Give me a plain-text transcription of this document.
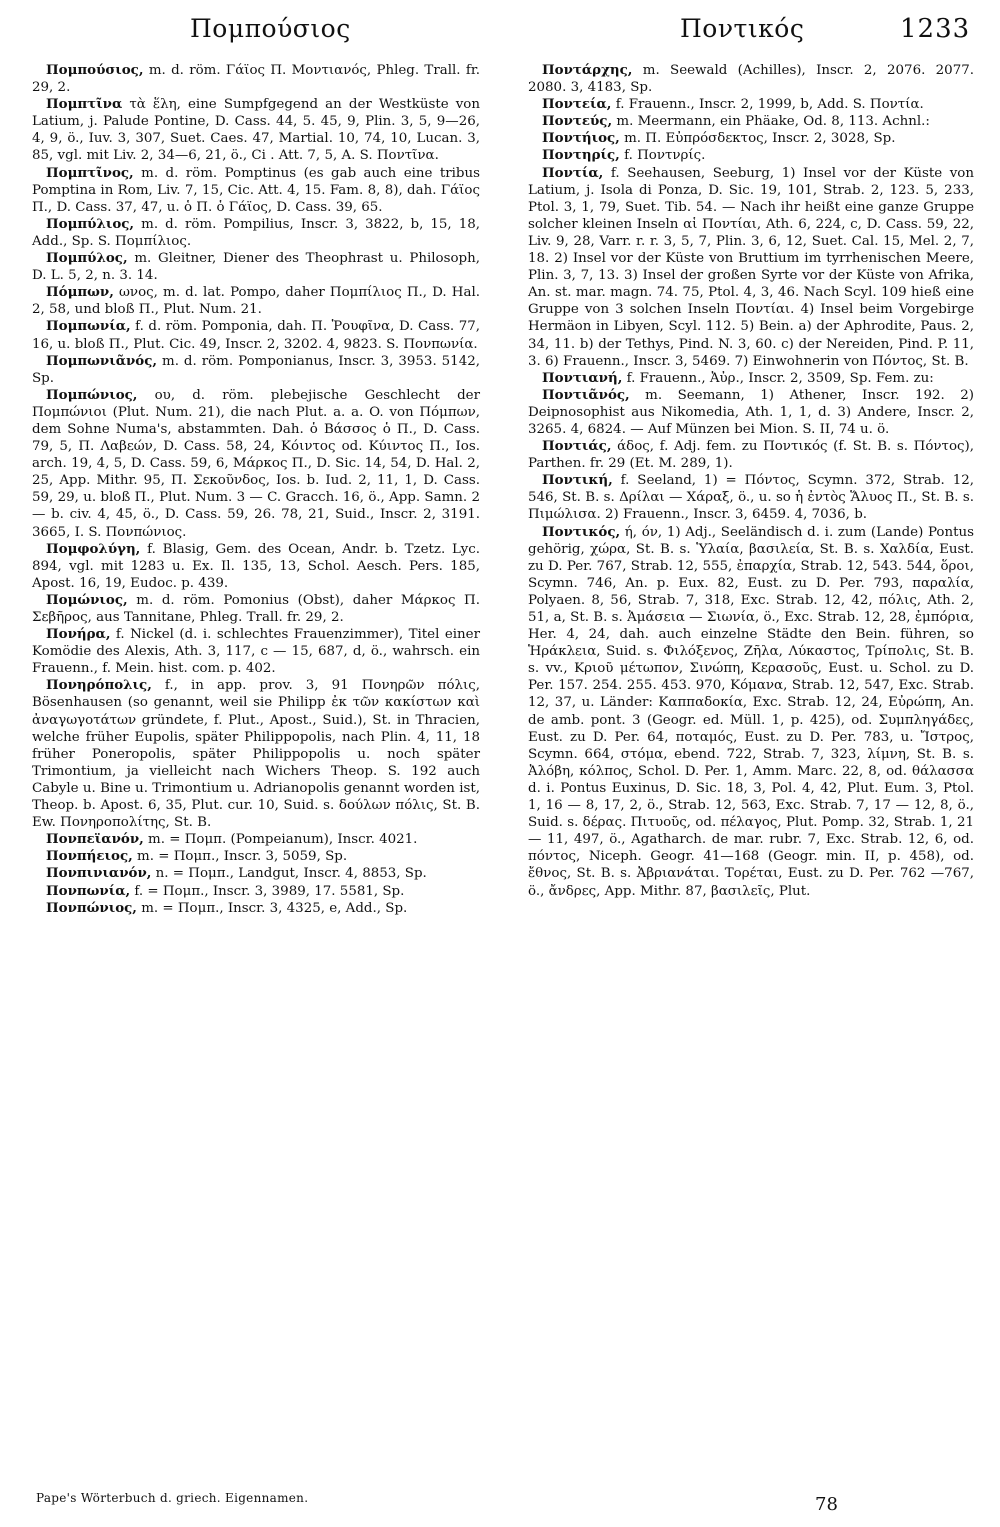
Πομπούσιος	Ποντικός	1233

Πομπούσιος, m. d. röm. Γάϊος Π. Μοντιανός, Phleg. Trall. fr. 29, 2.

Πομπτῖνα τὰ ἕλη, eine Sumpfgegend an der Westküste von Latium, j. Palude Pontine, D. Cass. 44, 5. 45, 9, Plin. 3, 5, 9—26, 4, 9, ö., Iuv. 3, 307, Suet. Caes. 47, Martial. 10, 74, 10, Lucan. 3, 85, vgl. mit Liv. 2, 34—6, 21, ö., Ci . Att. 7, 5, A. S. Ποντῖνα.

Πομπτῖνος, m. d. röm. Pomptinus (es gab auch eine tribus Pomptina in Rom, Liv. 7, 15, Cic. Att. 4, 15. Fam. 8, 8), dah. Γάϊος Π., D. Cass. 37, 47, u. ὁ Π. ὁ Γάϊος, D. Cass. 39, 65.

Πομπύλιος, m. d. röm. Pompilius, Inscr. 3, 3822, b, 15, 18, Add., Sp. S. Πομπίλιος.

Πομπύλος, m. Gleitner, Diener des Theophrast u. Philosoph, D. L. 5, 2, n. 3. 14.

Πόμπων, ωνος, m. d. lat. Pompo, daher Πομπίλιος Π., D. Hal. 2, 58, und bloß Π., Plut. Num. 21.

Πομπωνία, f. d. röm. Pomponia, dah. Π. Ῥουφῖνα, D. Cass. 77, 16, u. bloß Π., Plut. Cic. 49, Inscr. 2, 3202. 4, 9823. S. Πονπωνία.

Πομπωνιᾶνός, m. d. röm. Pomponianus, Inscr. 3, 3953. 5142, Sp.

Πομπώνιος, ου, d. röm. plebejische Geschlecht der Πομπώνιοι (Plut. Num. 21), die nach Plut. a. a. O. von Πόμπων, dem Sohne Numa's, abstammten. Dah. ὁ Βάσσος ὁ Π., D. Cass. 79, 5, Π. Λαβεών, D. Cass. 58, 24, Κόιντος od. Κύιντος Π., Ios. arch. 19, 4, 5, D. Cass. 59, 6, Μάρκος Π., D. Sic. 14, 54, D. Hal. 2, 25, App. Mithr. 95, Π. Σεκοῦνδος, Ios. b. Iud. 2, 11, 1, D. Cass. 59, 29, u. bloß Π., Plut. Num. 3 — C. Gracch. 16, ö., App. Samn. 2 — b. civ. 4, 45, ö., D. Cass. 59, 26. 78, 21, Suid., Inscr. 2, 3191. 3665, I. S. Πονπώνιος.

Πομφολύγη, f. Blasig, Gem. des Ocean, Andr. b. Tzetz. Lyc. 894, vgl. mit 1283 u. Ex. Il. 135, 13, Schol. Aesch. Pers. 185, Apost. 16, 19, Eudoc. p. 439.

Πομώνιος, m. d. röm. Pomonius (Obst), daher Μάρκος Π. Σεβῆρος, aus Tannitane, Phleg. Trall. fr. 29, 2.

Πονήρα, f. Nickel (d. i. schlechtes Frauenzimmer), Titel einer Komödie des Alexis, Ath. 3, 117, c — 15, 687, d, ö., wahrsch. ein Frauenn., f. Mein. hist. com. p. 402.

Πονηρόπολις, f., in app. prov. 3, 91 Πονηρῶν πόλις, Bösenhausen (so genannt, weil sie Philipp ἐκ τῶν κακίστων καὶ ἀναγωγοτάτων gründete, f. Plut., Apost., Suid.), St. in Thracien, welche früher Eupolis, später Philippopolis, nach Plin. 4, 11, 18 früher Poneropolis, später Philippopolis u. noch später Trimontium, ja vielleicht nach Wichers Theop. S. 192 auch Cabyle u. Bine u. Trimontium u. Adrianopolis genannt worden ist, Theop. b. Apost. 6, 35, Plut. cur. 10, Suid. s. δούλων πόλις, St. B. Ew. Πονηροπολίτης, St. B.

Πονπεϊανόν, m. = Πομπ. (Pompeianum), Inscr. 4021.

Πονπήειος, m. = Πομπ., Inscr. 3, 5059, Sp.

Πονπινιανόν, n. = Πομπ., Landgut, Inscr. 4, 8853, Sp.

Πονπωνία, f. = Πομπ., Inscr. 3, 3989, 17. 5581, Sp.

Πονπώνιος, m. = Πομπ., Inscr. 3, 4325, e, Add., Sp.

Ποντάρχης, m. Seewald (Achilles), Inscr. 2, 2076. 2077. 2080. 3, 4183, Sp.

Ποντεία, f. Frauenn., Inscr. 2, 1999, b, Add. S. Ποντία.

Ποντεύς, m. Meermann, ein Phäake, Od. 8, 113. Achnl.:

Ποντήιος, m. Π. Εὐπρόσδεκτος, Inscr. 2, 3028, Sp.

Ποντηρίς, f. Ποντνρίς.

Ποντία, f. Seehausen, Seeburg, 1) Insel vor der Küste von Latium, j. Isola di Ponza, D. Sic. 19, 101, Strab. 2, 123. 5, 233, Ptol. 3, 1, 79, Suet. Tib. 54. — Nach ihr heißt eine ganze Gruppe solcher kleinen Inseln αἱ Ποντίαι, Ath. 6, 224, c, D. Cass. 59, 22, Liv. 9, 28, Varr. r. r. 3, 5, 7, Plin. 3, 6, 12, Suet. Cal. 15, Mel. 2, 7, 18. 2) Insel vor der Küste von Bruttium im tyrrhenischen Meere, Plin. 3, 7, 13. 3) Insel der großen Syrte vor der Küste von Afrika, An. st. mar. magn. 74. 75, Ptol. 4, 3, 46. Nach Scyl. 109 hieß eine Gruppe von 3 solchen Inseln Ποντίαι. 4) Insel beim Vorgebirge Hermäon in Libyen, Scyl. 112. 5) Bein. a) der Aphrodite, Paus. 2, 34, 11. b) der Tethys, Pind. N. 3, 60. c) der Nereiden, Pind. P. 11, 3. 6) Frauenn., Inscr. 3, 5469. 7) Einwohnerin von Πόντος, St. B.

Ποντιανή, f. Frauenn., Ἀὐρ., Inscr. 2, 3509, Sp. Fem. zu:

Ποντιᾶνός, m. Seemann, 1) Athener, Inscr. 192. 2) Deipnosophist aus Nikomedia, Ath. 1, 1, d. 3) Andere, Inscr. 2, 3265. 4, 6824. — Auf Münzen bei Mion. S. II, 74 u. ö.

Ποντιάς, άδος, f. Adj. fem. zu Ποντικός (f. St. B. s. Πόντος), Parthen. fr. 29 (Et. M. 289, 1).

Ποντική, f. Seeland, 1) = Πόντος, Scymn. 372, Strab. 12, 546, St. B. s. Δρίλαι — Χάραξ, ö., u. so ἡ ἐντὸς Ἅλυος Π., St. B. s. Πιμώλισα. 2) Frauenn., Inscr. 3, 6459. 4, 7036, b.

Ποντικός, ή, όν, 1) Adj., Seeländisch d. i. zum (Lande) Pontus gehörig, χώρα, St. B. s. Ὑλαία, βασιλεία, St. B. s. Χαλδία, Eust. zu D. Per. 767, Strab. 12, 555, ἐπαρχία, Strab. 12, 543. 544, ὅροι, Scymn. 746, An. p. Eux. 82, Eust. zu D. Per. 793, παραλία, Polyaen. 8, 56, Strab. 7, 318, Exc. Strab. 12, 42, πόλις, Ath. 2, 51, a, St. B. s. Ἀμάσεια — Σιωνία, ö., Exc. Strab. 12, 28, ἐμπόρια, Her. 4, 24, dah. auch einzelne Städte den Bein. führen, so Ἡράκλεια, Suid. s. Φιλόξενος, Ζῆλα, Λύκαστος, Τρίπολις, St. B. s. vv., Κριοῦ μέτωπον, Σινώπη, Κερασοῦς, Eust. u. Schol. zu D. Per. 157. 254. 255. 453. 970, Κόμανα, Strab. 12, 547, Exc. Strab. 12, 37, u. Länder: Καππαδοκία, Exc. Strab. 12, 24, Εὐρώπη, An. de amb. pont. 3 (Geogr. ed. Müll. 1, p. 425), od. Συμπληγάδες, Eust. zu D. Per. 64, ποταμός, Eust. zu D. Per. 783, u. Ἴστρος, Scymn. 664, στόμα, ebend. 722, Strab. 7, 323, λίμνη, St. B. s. Ἀλόβη, κόλπος, Schol. D. Per. 1, Amm. Marc. 22, 8, od. θάλασσα d. i. Pontus Euxinus, D. Sic. 18, 3, Pol. 4, 42, Plut. Eum. 3, Ptol. 1, 16 — 8, 17, 2, ö., Strab. 12, 563, Exc. Strab. 7, 17 — 12, 8, ö., Suid. s. δέρας. Πιτυοῦς, od. πέλαγος, Plut. Pomp. 32, Strab. 1, 21 — 11, 497, ö., Agatharch. de mar. rubr. 7, Exc. Strab. 12, 6, od. πόντος, Niceph. Geogr. 41—168 (Geogr. min. II, p. 458), od. ἔθνος, St. B. s. Ἀβριανάται. Τορέται, Eust. zu D. Per. 762 —767, ö., ἄνδρες, App. Mithr. 87, βασιλεῖς, Plut.

Pape's Wörterbuch d. griech. Eigennamen.	78
